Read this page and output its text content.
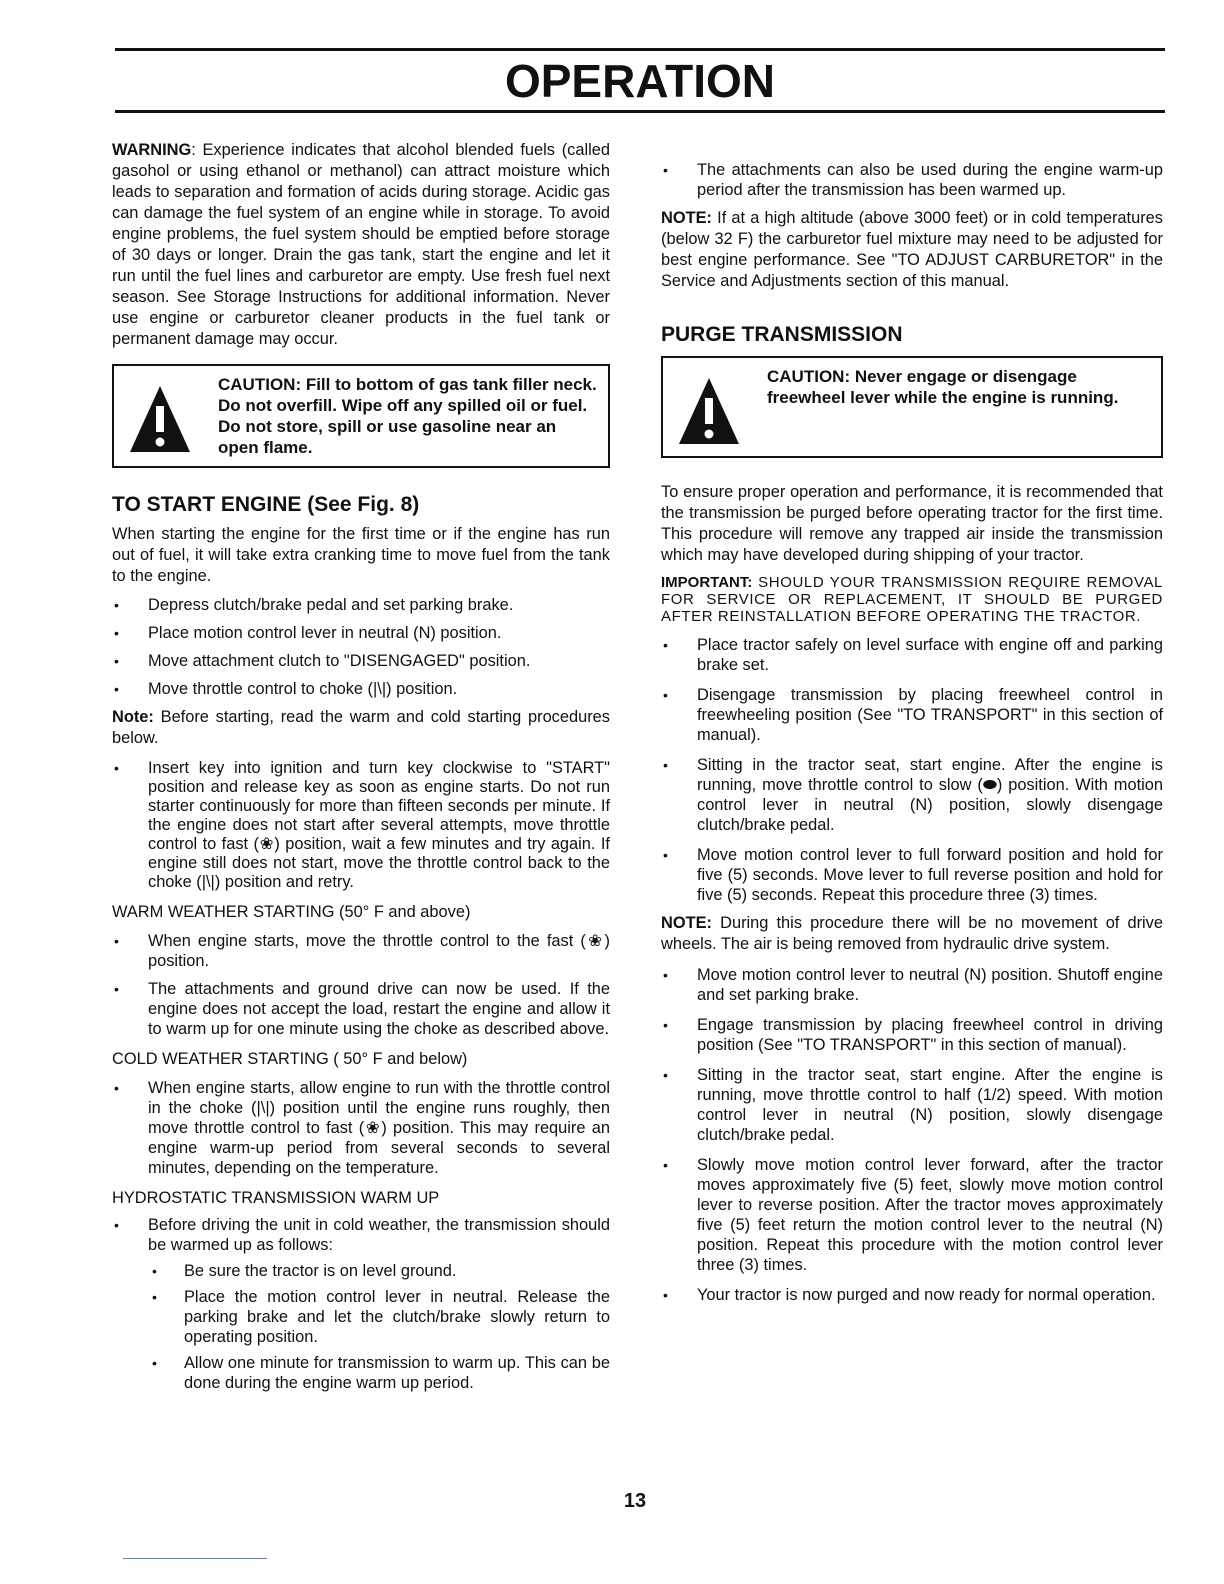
OPERATION

WARNING: Experience indicates that alcohol blended fuels (called gasohol or using ethanol or methanol) can attract moisture which leads to separation and formation of acids during storage. Acidic gas can damage the fuel system of an engine while in storage. To avoid engine problems, the fuel system should be emptied before storage of 30 days or longer. Drain the gas tank, start the engine and let it run until the fuel lines and carburetor are empty. Use fresh fuel next season. See Storage Instructions for additional information. Never use engine or carburetor cleaner products in the fuel tank or permanent damage may occur.

CAUTION: Fill to bottom of gas tank filler neck. Do not overfill. Wipe off any spilled oil or fuel. Do not store, spill or use gasoline near an open flame.
TO START ENGINE (See Fig. 8)

When starting the engine for the first time or if the engine has run out of fuel, it will take extra cranking time to move fuel from the tank to the engine.

• Depress clutch/brake pedal and set parking brake.
• Place motion control lever in neutral (N) position.
• Move attachment clutch to "DISENGAGED" position.
• Move throttle control to choke (|\|) position.

Note: Before starting, read the warm and cold starting procedures below.

• Insert key into ignition and turn key clockwise to "START" position and release key as soon as engine starts. Do not run starter continuously for more than fifteen seconds per minute. If the engine does not start after several attempts, move throttle control to fast (❀) position, wait a few minutes and try again. If engine still does not start, move the throttle control back to the choke (|\|) position and retry.

WARM WEATHER STARTING (50° F and above)

• When engine starts, move the throttle control to the fast (❀) position.
• The attachments and ground drive can now be used. If the engine does not accept the load, restart the engine and allow it to warm up for one minute using the choke as described above.

COLD WEATHER STARTING ( 50° F and below)

• When engine starts, allow engine to run with the throttle control in the choke (|\|) position until the engine runs roughly, then move throttle control to fast (❀) position. This may require an engine warm-up period from several seconds to several minutes, depending on the temperature.

HYDROSTATIC TRANSMISSION WARM UP

• Before driving the unit in cold weather, the transmission should be warmed up as follows:
• Be sure the tractor is on level ground.
• Place the motion control lever in neutral. Release the parking brake and let the clutch/brake slowly return to operating position.
• Allow one minute for transmission to warm up. This can be done during the engine warm up period.
• The attachments can also be used during the engine warm-up period after the transmission has been warmed up.

NOTE: If at a high altitude (above 3000 feet) or in cold temperatures (below 32 F) the carburetor fuel mixture may need to be adjusted for best engine performance. See "TO ADJUST CARBURETOR" in the Service and Adjustments section of this manual.

PURGE TRANSMISSION
CAUTION: Never engage or disengage freewheel lever while the engine is running.

To ensure proper operation and performance, it is recommended that the transmission be purged before operating tractor for the first time. This procedure will remove any trapped air inside the transmission which may have developed during shipping of your tractor.

IMPORTANT: SHOULD YOUR TRANSMISSION REQUIRE REMOVAL FOR SERVICE OR REPLACEMENT, IT SHOULD BE PURGED AFTER REINSTALLATION BEFORE OPERATING THE TRACTOR.

• Place tractor safely on level surface with engine off and parking brake set.
• Disengage transmission by placing freewheel control in freewheeling position (See "TO TRANSPORT" in this section of manual).
• Sitting in the tractor seat, start engine. After the engine is running, move throttle control to slow (⬬) position. With motion control lever in neutral (N) position, slowly disengage clutch/brake pedal.
• Move motion control lever to full forward position and hold for five (5) seconds. Move lever to full reverse position and hold for five (5) seconds. Repeat this procedure three (3) times.

NOTE: During this procedure there will be no movement of drive wheels. The air is being removed from hydraulic drive system.

• Move motion control lever to neutral (N) position. Shutoff engine and set parking brake.
• Engage transmission by placing freewheel control in driving position (See "TO TRANSPORT" in this section of manual).
• Sitting in the tractor seat, start engine. After the engine is running, move throttle control to half (1/2) speed. With motion control lever in neutral (N) position, slowly disengage clutch/brake pedal.
• Slowly move motion control lever forward, after the tractor moves approximately five (5) feet, slowly move motion control lever to reverse position. After the tractor moves approximately five (5) feet return the motion control lever to the neutral (N) position. Repeat this procedure with the motion control lever three (3) times.
• Your tractor is now purged and now ready for normal operation.
13
